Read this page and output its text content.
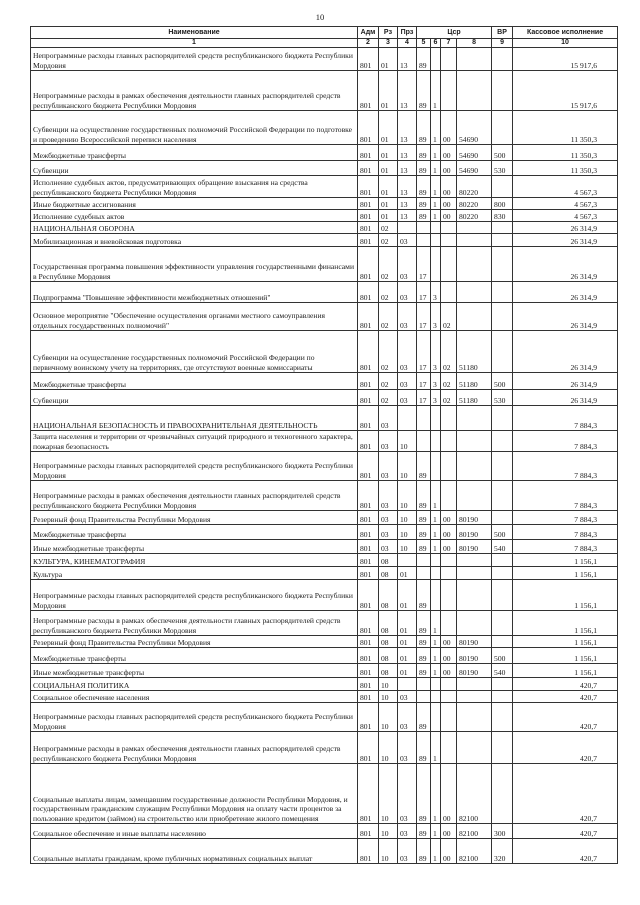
10
Наименование	Адм	Рз	Прз	Цср				ВР	Кассовое исполнение
1	2	3	4	5	6	7	8	9	10
Непрограммные расходы главных распорядителей средств республиканского бюджета Республики Мордовия	801	01	13	89					15 917,6
Непрограммные расходы в рамках обеспечения деятельности главных распорядителей средств республиканского бюджета Республики Мордовия	801	01	13	89	1				15 917,6
Субвенции на осуществление государственных полномочий Российской Федерации по подготовке и проведению Всероссийской переписи населения	801	01	13	89	1	00	54690		11 350,3
Межбюджетные трансферты	801	01	13	89	1	00	54690	500	11 350,3
Субвенции	801	01	13	89	1	00	54690	530	11 350,3
Исполнение судебных актов, предусматривающих обращение взыскания на средства республиканского бюджета Республики Мордовия	801	01	13	89	1	00	80220		4 567,3
Иные бюджетные ассигнования	801	01	13	89	1	00	80220	800	4 567,3
Исполнение судебных актов	801	01	13	89	1	00	80220	830	4 567,3
НАЦИОНАЛЬНАЯ ОБОРОНА	801	02							26 314,9
Мобилизационная и вневойсковая подготовка	801	02	03						26 314,9
Государственная программа повышения эффективности управления государственными финансами в Республике Мордовия	801	02	03	17					26 314,9
Подпрограмма "Повышение эффективности межбюджетных отношений"	801	02	03	17	3				26 314,9
Основное мероприятие "Обеспечение осуществления органами местного самоуправления отдельных государственных полномочий"	801	02	03	17	3	02			26 314,9
Субвенции на осуществление государственных полномочий Российской Федерации по первичному воинскому учету на территориях, где отсутствуют военные комиссариаты	801	02	03	17	3	02	51180		26 314,9
Межбюджетные трансферты	801	02	03	17	3	02	51180	500	26 314,9
Субвенции	801	02	03	17	3	02	51180	530	26 314,9
НАЦИОНАЛЬНАЯ БЕЗОПАСНОСТЬ И ПРАВООХРАНИТЕЛЬНАЯ ДЕЯТЕЛЬНОСТЬ	801	03							7 884,3
Защита населения и территории от чрезвычайных ситуаций природного и техногенного характера, пожарная безопасность	801	03	10						7 884,3
Непрограммные расходы главных распорядителей средств республиканского бюджета Республики Мордовия	801	03	10	89					7 884,3
Непрограммные расходы в рамках обеспечения деятельности главных распорядителей средств республиканского бюджета Республики Мордовия	801	03	10	89	1				7 884,3
Резервный фонд Правительства Республики Мордовия	801	03	10	89	1	00	80190		7 884,3
Межбюджетные трансферты	801	03	10	89	1	00	80190	500	7 884,3
Иные межбюджетные трансферты	801	03	10	89	1	00	80190	540	7 884,3
КУЛЬТУРА, КИНЕМАТОГРАФИЯ	801	08							1 156,1
Культура	801	08	01						1 156,1
Непрограммные расходы главных распорядителей средств республиканского бюджета Республики Мордовия	801	08	01	89					1 156,1
Непрограммные расходы в рамках обеспечения деятельности главных распорядителей средств республиканского бюджета Республики Мордовия	801	08	01	89	1				1 156,1
Резервный фонд Правительства Республики Мордовия	801	08	01	89	1	00	80190		1 156,1
Межбюджетные трансферты	801	08	01	89	1	00	80190	500	1 156,1
Иные межбюджетные трансферты	801	08	01	89	1	00	80190	540	1 156,1
СОЦИАЛЬНАЯ ПОЛИТИКА	801	10							420,7
Социальное обеспечение населения	801	10	03						420,7
Непрограммные расходы главных распорядителей средств республиканского бюджета Республики Мордовия	801	10	03	89					420,7
Непрограммные расходы в рамках обеспечения деятельности главных распорядителей средств республиканского бюджета Республики Мордовия	801	10	03	89	1				420,7
Социальные выплаты лицам, замещавшим государственные должности Республики Мордовия, и государственным гражданским служащим Республики Мордовия на оплату части процентов за пользование кредитом (займом) на строительство или приобретение жилого помещения	801	10	03	89	1	00	82100		420,7
Социальное обеспечение и иные выплаты населению	801	10	03	89	1	00	82100	300	420,7
Социальные выплаты гражданам, кроме публичных нормативных социальных выплат	801	10	03	89	1	00	82100	320	420,7
